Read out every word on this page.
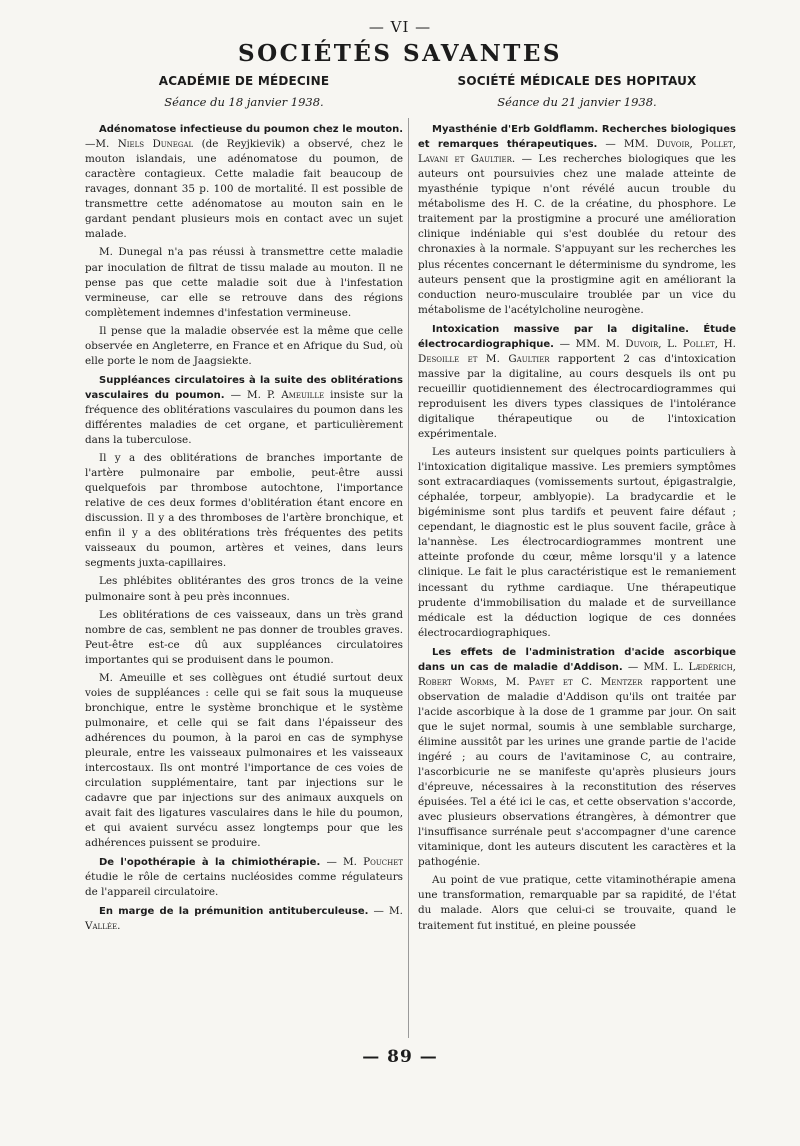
— VI —
SOCIÉTÉS SAVANTES
ACADÉMIE DE MÉDECINE
Séance du 18 janvier 1938.

Adénomatose infectieuse du poumon chez le mouton. —M. Niels Dunegal (de Reyjkievik) a observé, chez le mouton islandais, une adénomatose du poumon, de caractère contagieux. Cette maladie fait beaucoup de ravages, donnant 35 p. 100 de mortalité. Il est possible de transmettre cette adénomatose au mouton sain en le gardant pendant plusieurs mois en contact avec un sujet malade.

M. Dunegal n'a pas réussi à transmettre cette maladie par inoculation de filtrat de tissu malade au mouton. Il ne pense pas que cette maladie soit due à l'infestation vermineuse, car elle se retrouve dans des régions complètement indemnes d'infestation vermineuse.

Il pense que la maladie observée est la même que celle observée en Angleterre, en France et en Afrique du Sud, où elle porte le nom de Jaagsiekte.

Suppléances circulatoires à la suite des oblitérations vasculaires du poumon. — M. P. Ameuille insiste sur la fréquence des oblitérations vasculaires du poumon dans les différentes maladies de cet organe, et particulièrement dans la tuberculose.

Il y a des oblitérations de branches importante de l'artère pulmonaire par embolie, peut-être aussi quelquefois par thrombose autochtone, l'importance relative de ces deux formes d'oblitération étant encore en discussion. Il y a des thromboses de l'artère bronchique, et enfin il y a des oblitérations très fréquentes des petits vaisseaux du poumon, artères et veines, dans leurs segments juxta-capillaires.

Les phlébites oblitérantes des gros troncs de la veine pulmonaire sont à peu près inconnues.

Les oblitérations de ces vaisseaux, dans un très grand nombre de cas, semblent ne pas donner de troubles graves. Peut-être est-ce dû aux suppléances circulatoires importantes qui se produisent dans le poumon.

M. Ameuille et ses collègues ont étudié surtout deux voies de suppléances : celle qui se fait sous la muqueuse bronchique, entre le système bronchique et le système pulmonaire, et celle qui se fait dans l'épaisseur des adhérences du poumon, à la paroi en cas de symphyse pleurale, entre les vaisseaux pulmonaires et les vaisseaux intercostaux. Ils ont montré l'importance de ces voies de circulation supplémentaire, tant par injections sur le cadavre que par injections sur des animaux auxquels on avait fait des ligatures vasculaires dans le hile du poumon, et qui avaient survécu assez longtemps pour que les adhérences puissent se produire.

De l'opothérapie à la chimiothérapie. — M. Pouchet étudie le rôle de certains nucléosides comme régulateurs de l'appareil circulatoire.

En marge de la prémunition antituberculeuse. — M. Vallée.

SOCIÉTÉ MÉDICALE DES HOPITAUX
Séance du 21 janvier 1938.

Myasthénie d'Erb Goldflamm. Recherches biologiques et remarques thérapeutiques. — MM. Duvoir, Pollet, Lavani et Gaultier. — Les recherches biologiques que les auteurs ont poursuivies chez une malade atteinte de myasthénie typique n'ont révélé aucun trouble du métabolisme des H. C. de la créatine, du phosphore. Le traitement par la prostigmine a procuré une amélioration clinique indéniable qui s'est doublée du retour des chronaxies à la normale. S'appuyant sur les recherches les plus récentes concernant le déterminisme du syndrome, les auteurs pensent que la prostigmine agit en améliorant la conduction neuro-musculaire troublée par un vice du métabolisme de l'acétylcholine neurogène.

Intoxication massive par la digitaline. Étude électrocardiographique. — MM. M. Duvoir, L. Pollet, H. Desoille et M. Gaultier rapportent 2 cas d'intoxication massive par la digitaline, au cours desquels ils ont pu recueillir quotidiennement des électrocardiogrammes qui reproduisent les divers types classiques de l'intolérance digitalique thérapeutique ou de l'intoxication expérimentale.

Les auteurs insistent sur quelques points particuliers à l'intoxication digitalique massive. Les premiers symptômes sont extracardiaques (vomissements surtout, épigastralgie, céphalée, torpeur, amblyopie). La bradycardie et le bigéminisme sont plus tardifs et peuvent faire défaut ; cependant, le diagnostic est le plus souvent facile, grâce à la'nannèse. Les électrocardiogrammes montrent une atteinte profonde du cœur, même lorsqu'il y a latence clinique. Le fait le plus caractéristique est le remaniement incessant du rythme cardiaque. Une thérapeutique prudente d'immobilisation du malade et de surveillance médicale est la déduction logique de ces données électrocardiographiques.

Les effets de l'administration d'acide ascorbique dans un cas de maladie d'Addison. — MM. L. Lædérich, Robert Worms, M. Payet et C. Mentzer rapportent une observation de maladie d'Addison qu'ils ont traitée par l'acide ascorbique à la dose de 1 gramme par jour. On sait que le sujet normal, soumis à une semblable surcharge, élimine aussitôt par les urines une grande partie de l'acide ingéré ; au cours de l'avitaminose C, au contraire, l'ascorbicurie ne se manifeste qu'après plusieurs jours d'épreuve, nécessaires à la reconstitution des réserves épuisées. Tel a été ici le cas, et cette observation s'accorde, avec plusieurs observations étrangères, à démontrer que l'insuffisance surrénale peut s'accompagner d'une carence vitaminique, dont les auteurs discutent les caractères et la pathogénie.

Au point de vue pratique, cette vitaminothérapie amena une transformation, remarquable par sa rapidité, de l'état du malade. Alors que celui-ci se trouvaite, quand le traitement fut institué, en pleine poussée

— 89 —
